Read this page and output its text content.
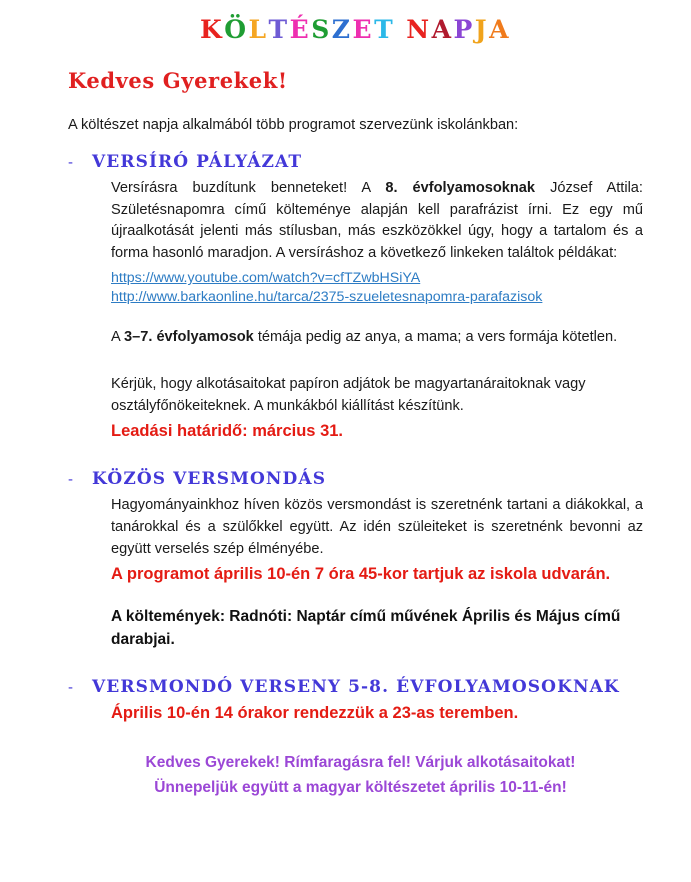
KÖLTÉSZET NAPJA
Kedves Gyerekek!

A költészet napja alkalmából több programot szervezünk iskolánkban:

-	VERSÍRÓ PÁLYÁZAT

Versírásra buzdítunk benneteket! A 8. évfolyamosoknak József Attila: Születésnapomra című költeménye alapján kell parafrázist írni. Ez egy mű újraalkotását jelenti más stílusban, más eszközökkel úgy, hogy a tartalom és a forma hasonló maradjon. A versíráshoz a következő linkeken találtok példákat:

https://www.youtube.com/watch?v=cfTZwbHSiYA
http://www.barkaonline.hu/tarca/2375-szueletesnapomra-parafazisok

A 3–7. évfolyamosok témája pedig az anya, a mama; a vers formája kötetlen.

Kérjük, hogy alkotásaitokat papíron adjátok be magyartanáraitoknak vagy osztályfőnökeiteknek. A munkákból kiállítást készítünk.

Leadási határidő: március 31.

-	KÖZÖS VERSMONDÁS

Hagyományainkhoz híven közös versmondást is szeretnénk tartani a diákokkal, a tanárokkal és a szülőkkel együtt. Az idén szüleiteket is szeretnénk bevonni az együtt verselés szép élményébe.

A programot április 10-én 7 óra 45-kor tartjuk az iskola udvarán.

A költemények: Radnóti: Naptár című művének Április és Május című darabjai.

-	VERSMONDÓ VERSENY 5-8. ÉVFOLYAMOSOKNAK

Április 10-én 14 órakor rendezzük a 23-as teremben.

Kedves Gyerekek! Rímfaragásra fel! Várjuk alkotásaitokat!
Ünnepeljük együtt a magyar költészetet április 10-11-én!
